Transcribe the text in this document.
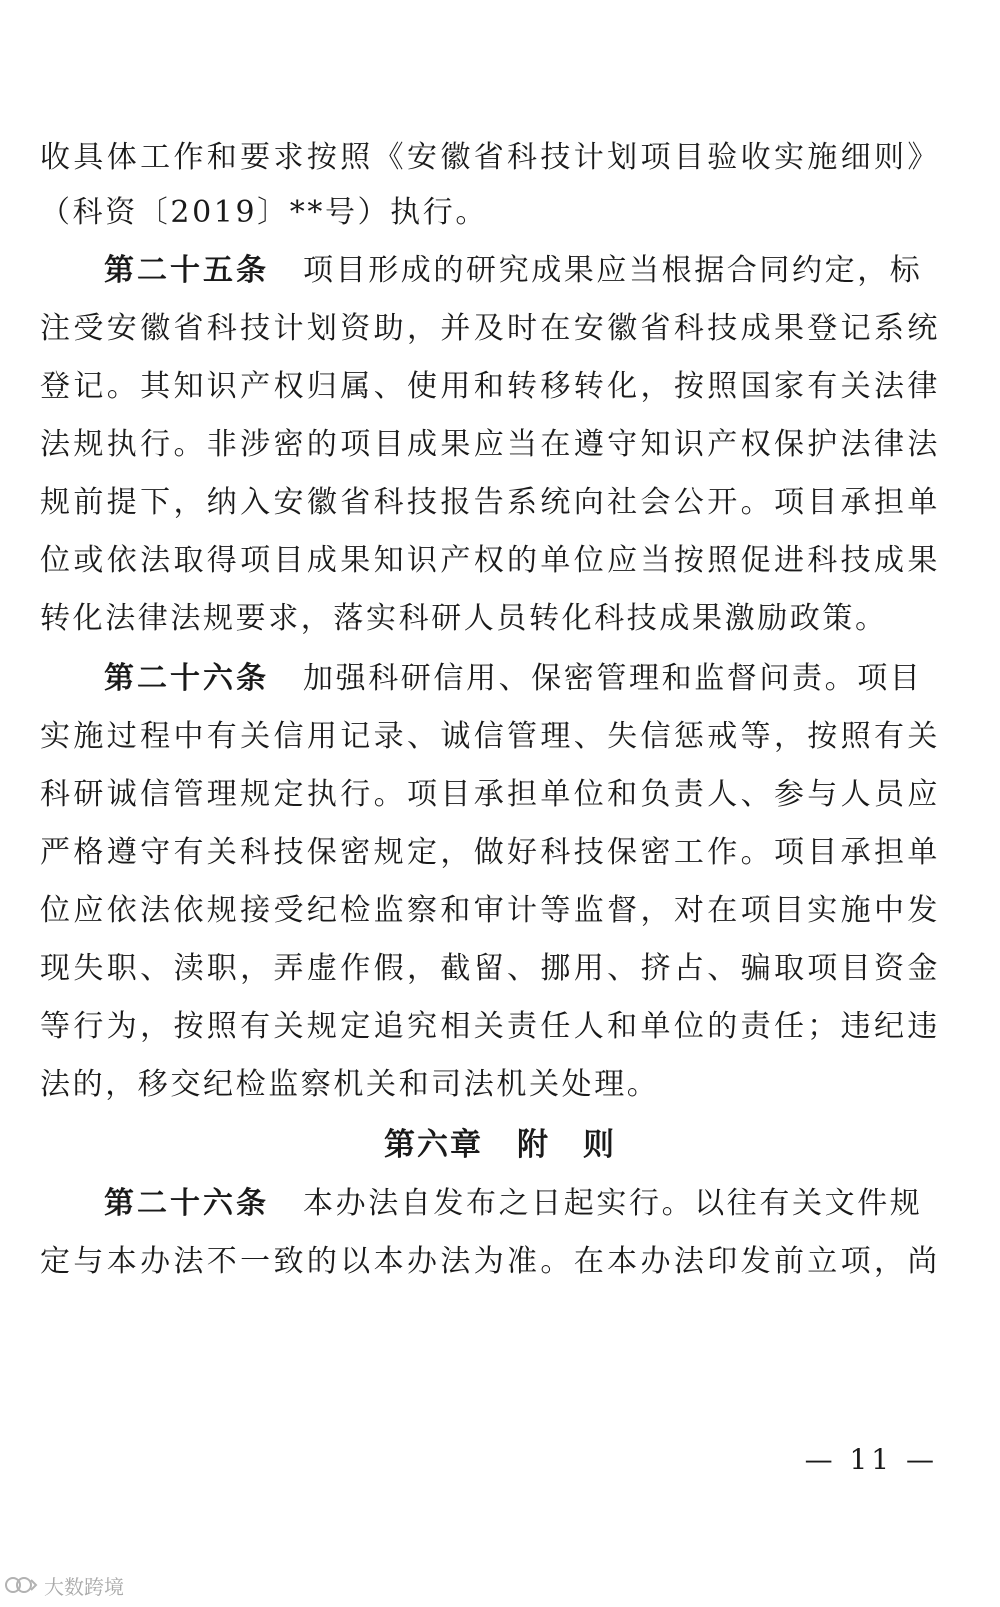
收具体工作和要求按照《安徽省科技计划项目验收实施细则》
（科资〔2019〕**号）执行。
第二十五条 项目形成的研究成果应当根据合同约定，标
注受安徽省科技计划资助，并及时在安徽省科技成果登记系统
登记。其知识产权归属、使用和转移转化，按照国家有关法律
法规执行。非涉密的项目成果应当在遵守知识产权保护法律法
规前提下，纳入安徽省科技报告系统向社会公开。项目承担单
位或依法取得项目成果知识产权的单位应当按照促进科技成果
转化法律法规要求，落实科研人员转化科技成果激励政策。
第二十六条 加强科研信用、保密管理和监督问责。项目
实施过程中有关信用记录、诚信管理、失信惩戒等，按照有关
科研诚信管理规定执行。项目承担单位和负责人、参与人员应
严格遵守有关科技保密规定，做好科技保密工作。项目承担单
位应依法依规接受纪检监察和审计等监督，对在项目实施中发
现失职、渎职，弄虚作假，截留、挪用、挤占、骗取项目资金
等行为，按照有关规定追究相关责任人和单位的责任；违纪违
法的，移交纪检监察机关和司法机关处理。
第六章 附　则
第二十六条 本办法自发布之日起实行。以往有关文件规
定与本办法不一致的以本办法为准。在本办法印发前立项，尚
— 11 —
大数跨境
